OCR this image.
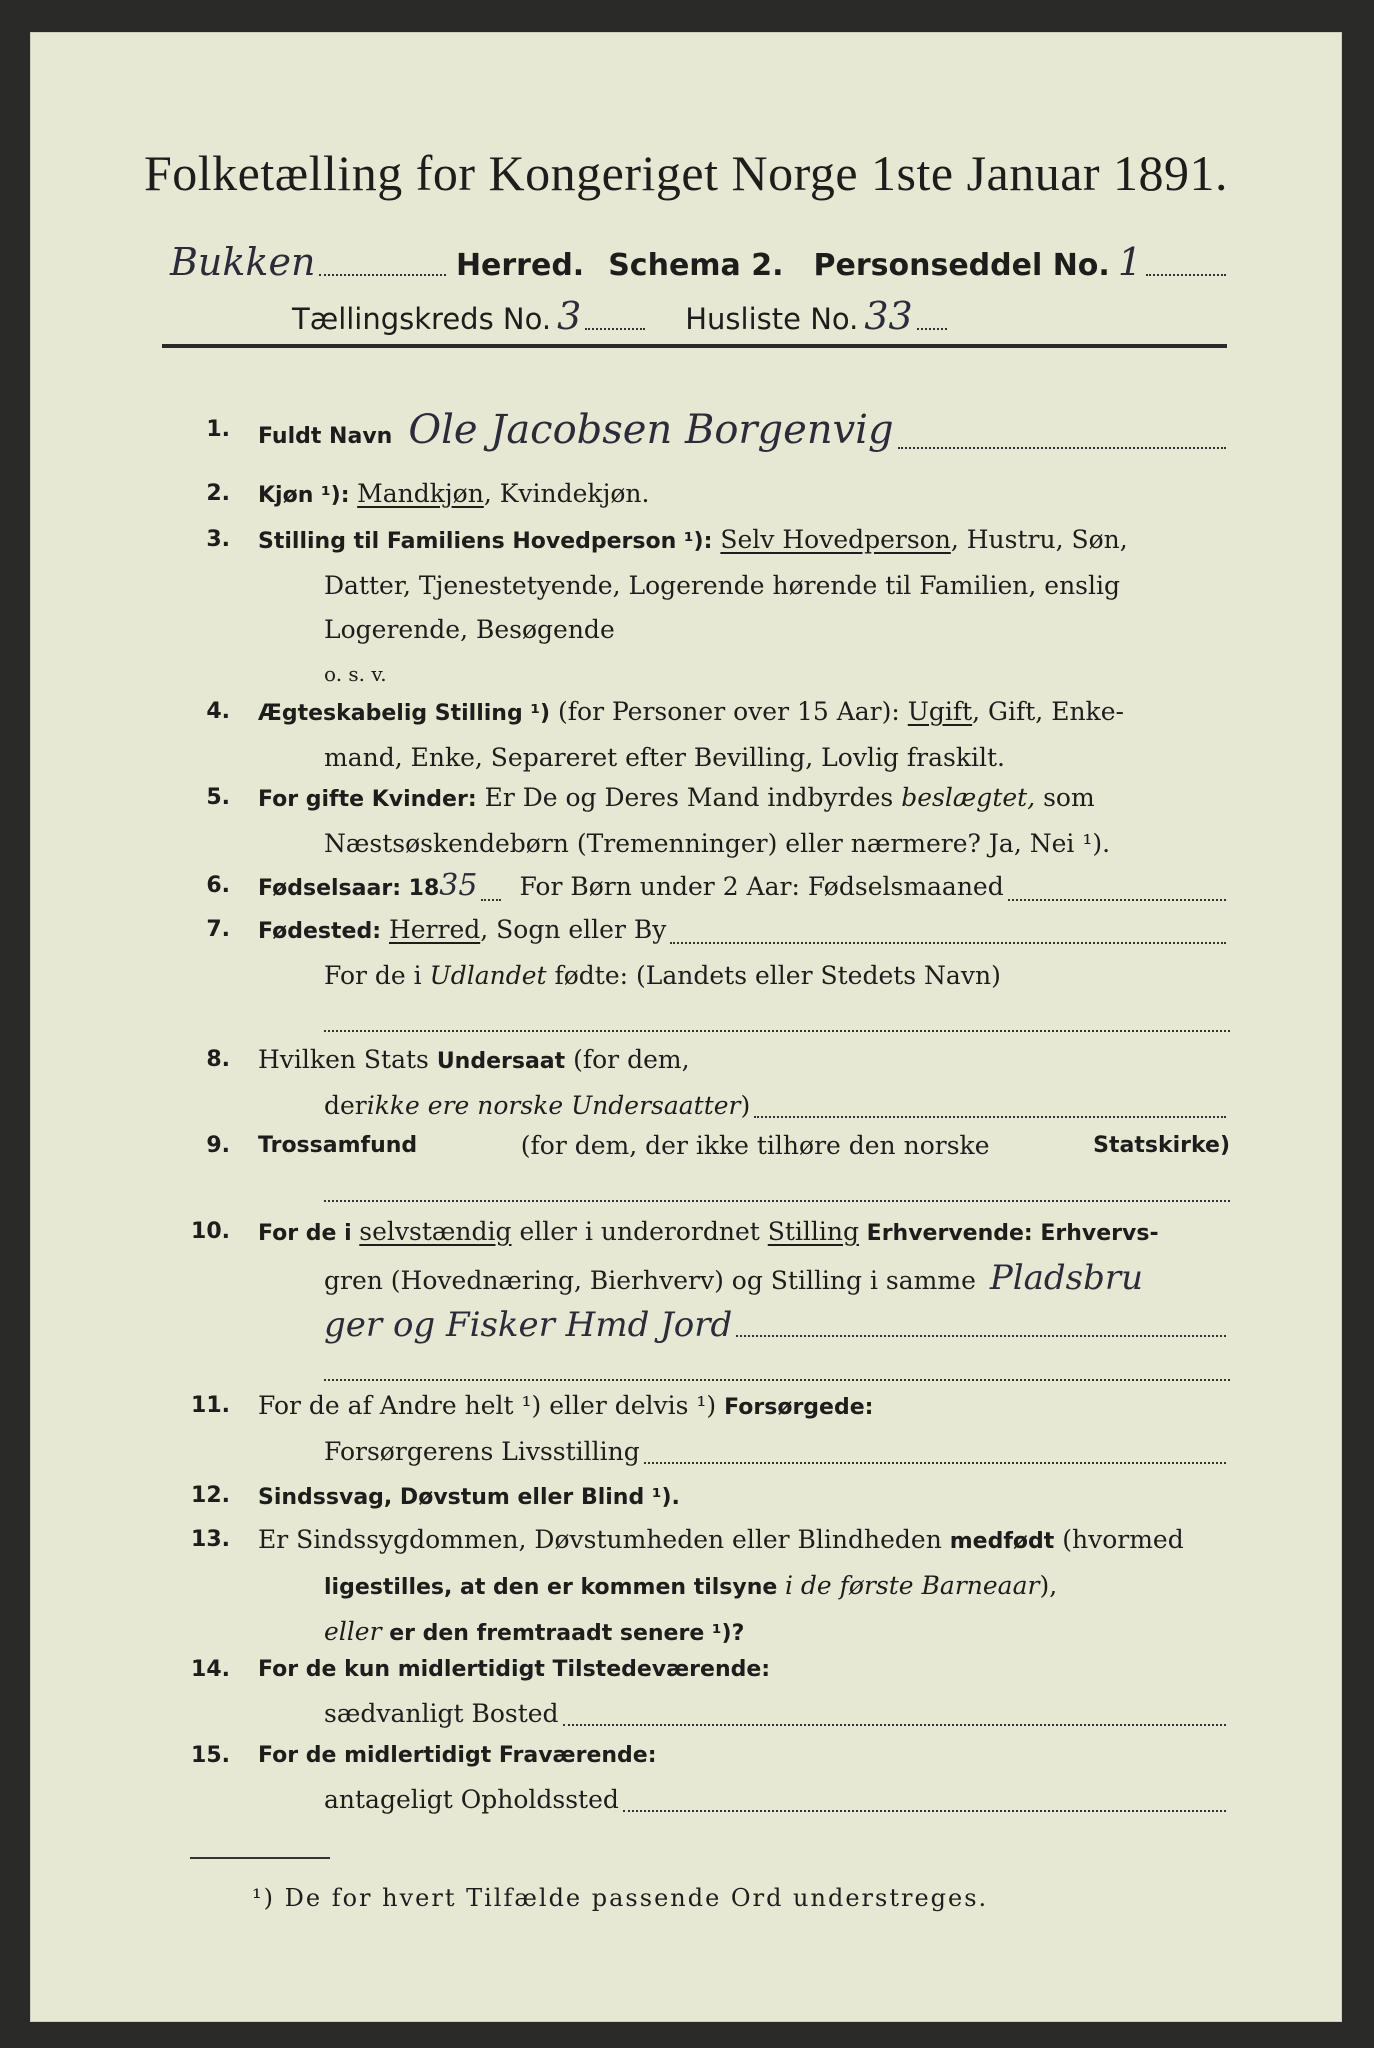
Folketælling for Kongeriget Norge 1ste Januar 1891.
Bukken	Herred. Schema 2. Personseddel No. 1
Tællingskreds No. 3	Husliste No. 33
1. Fuldt Navn Ole Jacobsen Borgenvig
2. Kjøn ¹): Mandkjøn, Kvindekjøn.
3. Stilling til Familiens Hovedperson ¹): Selv Hovedperson, Hustru, Søn,
Datter, Tjenestetyende, Logerende hørende til Familien, enslig
Logerende, Besøgende
o. s. v.
4. Ægteskabelig Stilling ¹) (for Personer over 15 Aar): Ugift, Gift, Enke-
mand, Enke, Separeret efter Bevilling, Lovlig fraskilt.
5. For gifte Kvinder: Er De og Deres Mand indbyrdes beslægtet, som
Næstsøskendebørn (Tremenninger) eller nærmere? Ja, Nei ¹).
6. Fødselsaar: 18 35 For Børn under 2 Aar: Fødselsmaaned
7. Fødested:
Herred , Sogn eller By
For de i Udlandet fødte: (Landets eller Stedets Navn)
8. Hvilken Stats Undersaat (for dem,
der ikke ere norske Undersaatter )
9. Trossamfund	(for dem, der ikke tilhøre den norske	Statskirke)
10. For de i selvstændig eller i underordnet Stilling Erhvervende: Erhvervs-
gren (Hovednæring, Bierhverv) og Stilling i samme Pladsbru
ger og Fisker Hmd Jord
11. For de af Andre helt ¹) eller delvis ¹) Forsørgede:
Forsørgerens Livsstilling
12. Sindssvag, Døvstum eller Blind ¹).
13. Er Sindssygdommen, Døvstumheden eller Blindheden medfødt (hvormed
ligestilles, at den er kommen tilsyne i de første Barneaar),
eller er den fremtraadt senere ¹)?
14. For de kun midlertidigt Tilstedeværende:
sædvanligt Bosted
15. For de midlertidigt Fraværende:
antageligt Opholdssted
¹) De for hvert Tilfælde passende Ord understreges.
